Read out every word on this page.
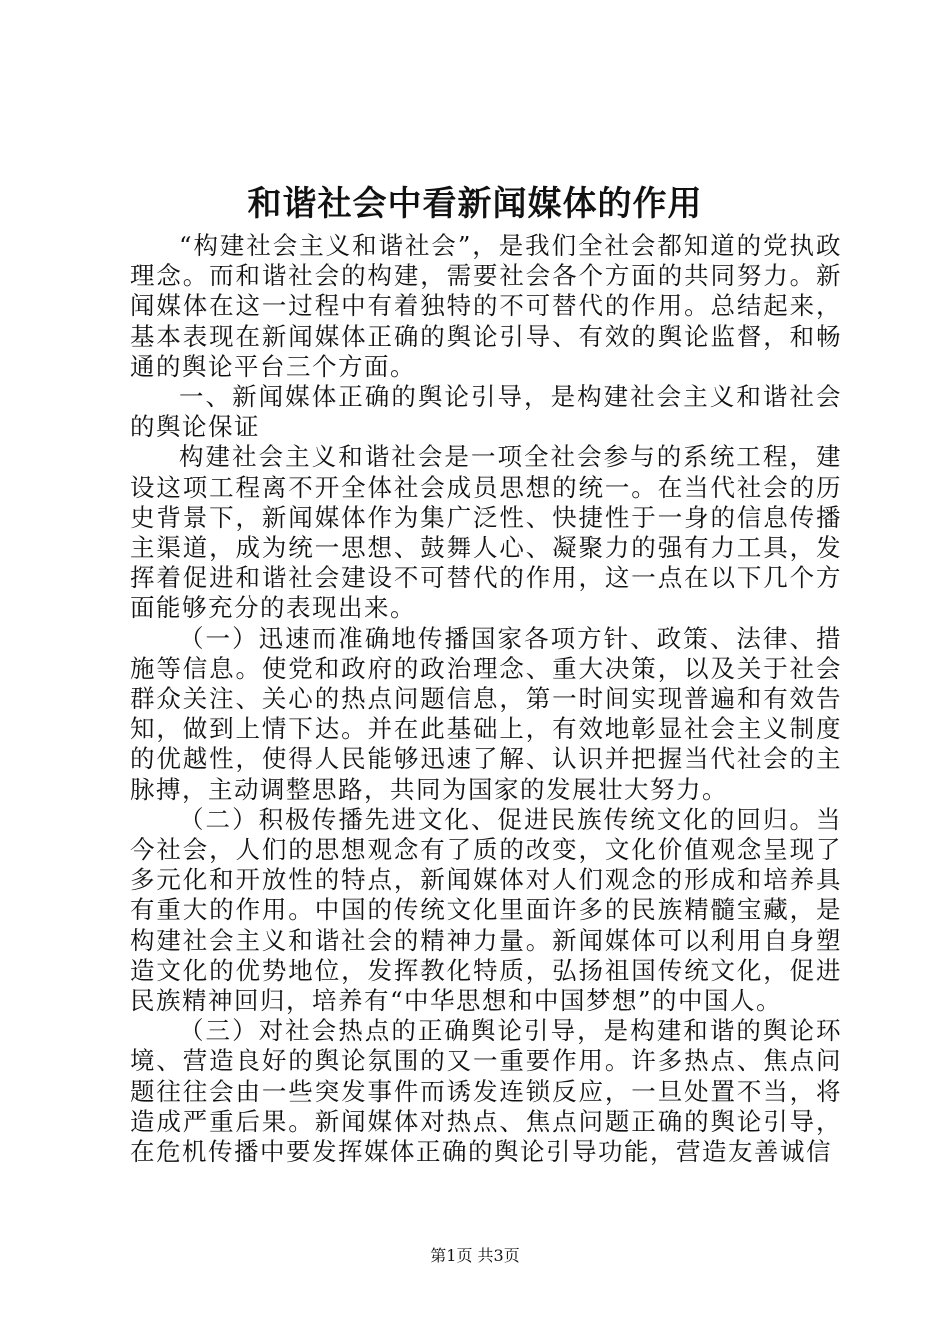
和谐社会中看新闻媒体的作用

“构建社会主义和谐社会”，是我们全社会都知道的党执政理念。而和谐社会的构建，需要社会各个方面的共同努力。新闻媒体在这一过程中有着独特的不可替代的作用。总结起来，基本表现在新闻媒体正确的舆论引导、有效的舆论监督，和畅通的舆论平台三个方面。

一、新闻媒体正确的舆论引导，是构建社会主义和谐社会的舆论保证

构建社会主义和谐社会是一项全社会参与的系统工程，建设这项工程离不开全体社会成员思想的统一。在当代社会的历史背景下，新闻媒体作为集广泛性、快捷性于一身的信息传播主渠道，成为统一思想、鼓舞人心、凝聚力的强有力工具，发挥着促进和谐社会建设不可替代的作用，这一点在以下几个方面能够充分的表现出来。

（一）迅速而准确地传播国家各项方针、政策、法律、措施等信息。使党和政府的政治理念、重大决策，以及关于社会群众关注、关心的热点问题信息，第一时间实现普遍和有效告知，做到上情下达。并在此基础上，有效地彰显社会主义制度的优越性，使得人民能够迅速了解、认识并把握当代社会的主脉搏，主动调整思路，共同为国家的发展壮大努力。

（二）积极传播先进文化、促进民族传统文化的回归。当今社会，人们的思想观念有了质的改变，文化价值观念呈现了多元化和开放性的特点，新闻媒体对人们观念的形成和培养具有重大的作用。中国的传统文化里面许多的民族精髓宝藏，是构建社会主义和谐社会的精神力量。新闻媒体可以利用自身塑造文化的优势地位，发挥教化特质，弘扬祖国传统文化，促进民族精神回归，培养有“中华思想和中国梦想”的中国人。

（三）对社会热点的正确舆论引导，是构建和谐的舆论环境、营造良好的舆论氛围的又一重要作用。许多热点、焦点问题往往会由一些突发事件而诱发连锁反应，一旦处置不当，将造成严重后果。新闻媒体对热点、焦点问题正确的舆论引导，在危机传播中要发挥媒体正确的舆论引导功能，营造友善诚信

第1页 共3页
